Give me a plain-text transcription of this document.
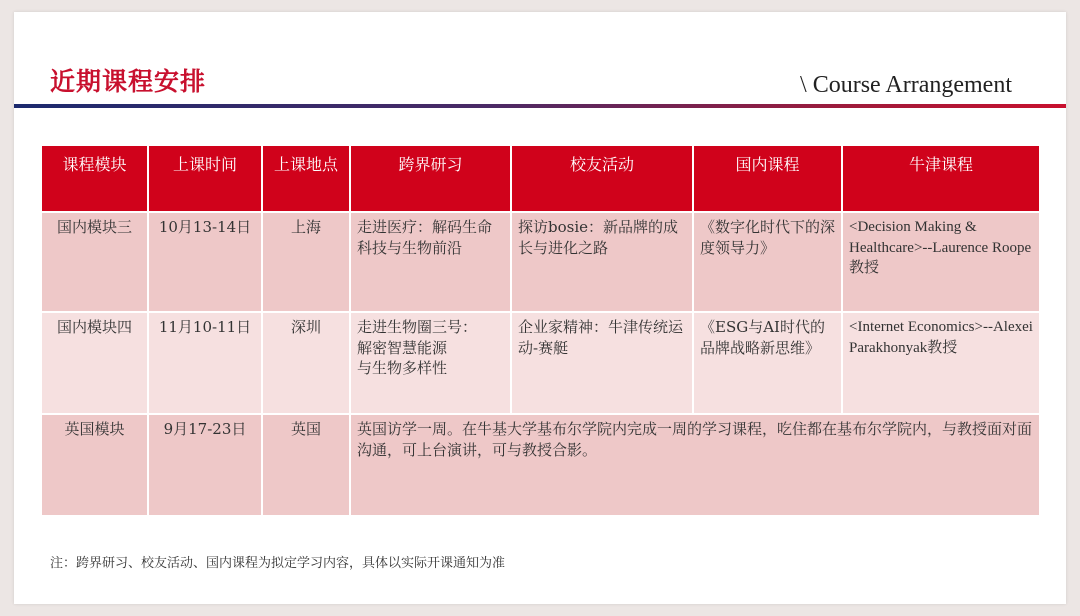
近期课程安排	\ Course Arrangement
课程模块	上课时间	上课地点	跨界研习	校友活动	国内课程	牛津课程
国内模块三	10月13-14日	上海	走进医疗：解码生命科技与生物前沿	探访bosie：新品牌的成长与进化之路	《数字化时代下的深度领导力》	<Decision Making & Healthcare>--Laurence Roope教授
国内模块四	11月10-11日	深圳	走进生物圈三号：
解密智慧能源
与生物多样性	企业家精神：牛津传统运动-赛艇	《ESG与AI时代的品牌战略新思维》	<Internet Economics>--Alexei Parakhonyak教授
英国模块	9月17-23日	英国	英国访学一周。在牛基大学基布尔学院内完成一周的学习课程，吃住都在基布尔学院内，与教授面对面沟通，可上台演讲，可与教授合影。			
注：跨界研习、校友活动、国内课程为拟定学习内容，具体以实际开课通知为准
